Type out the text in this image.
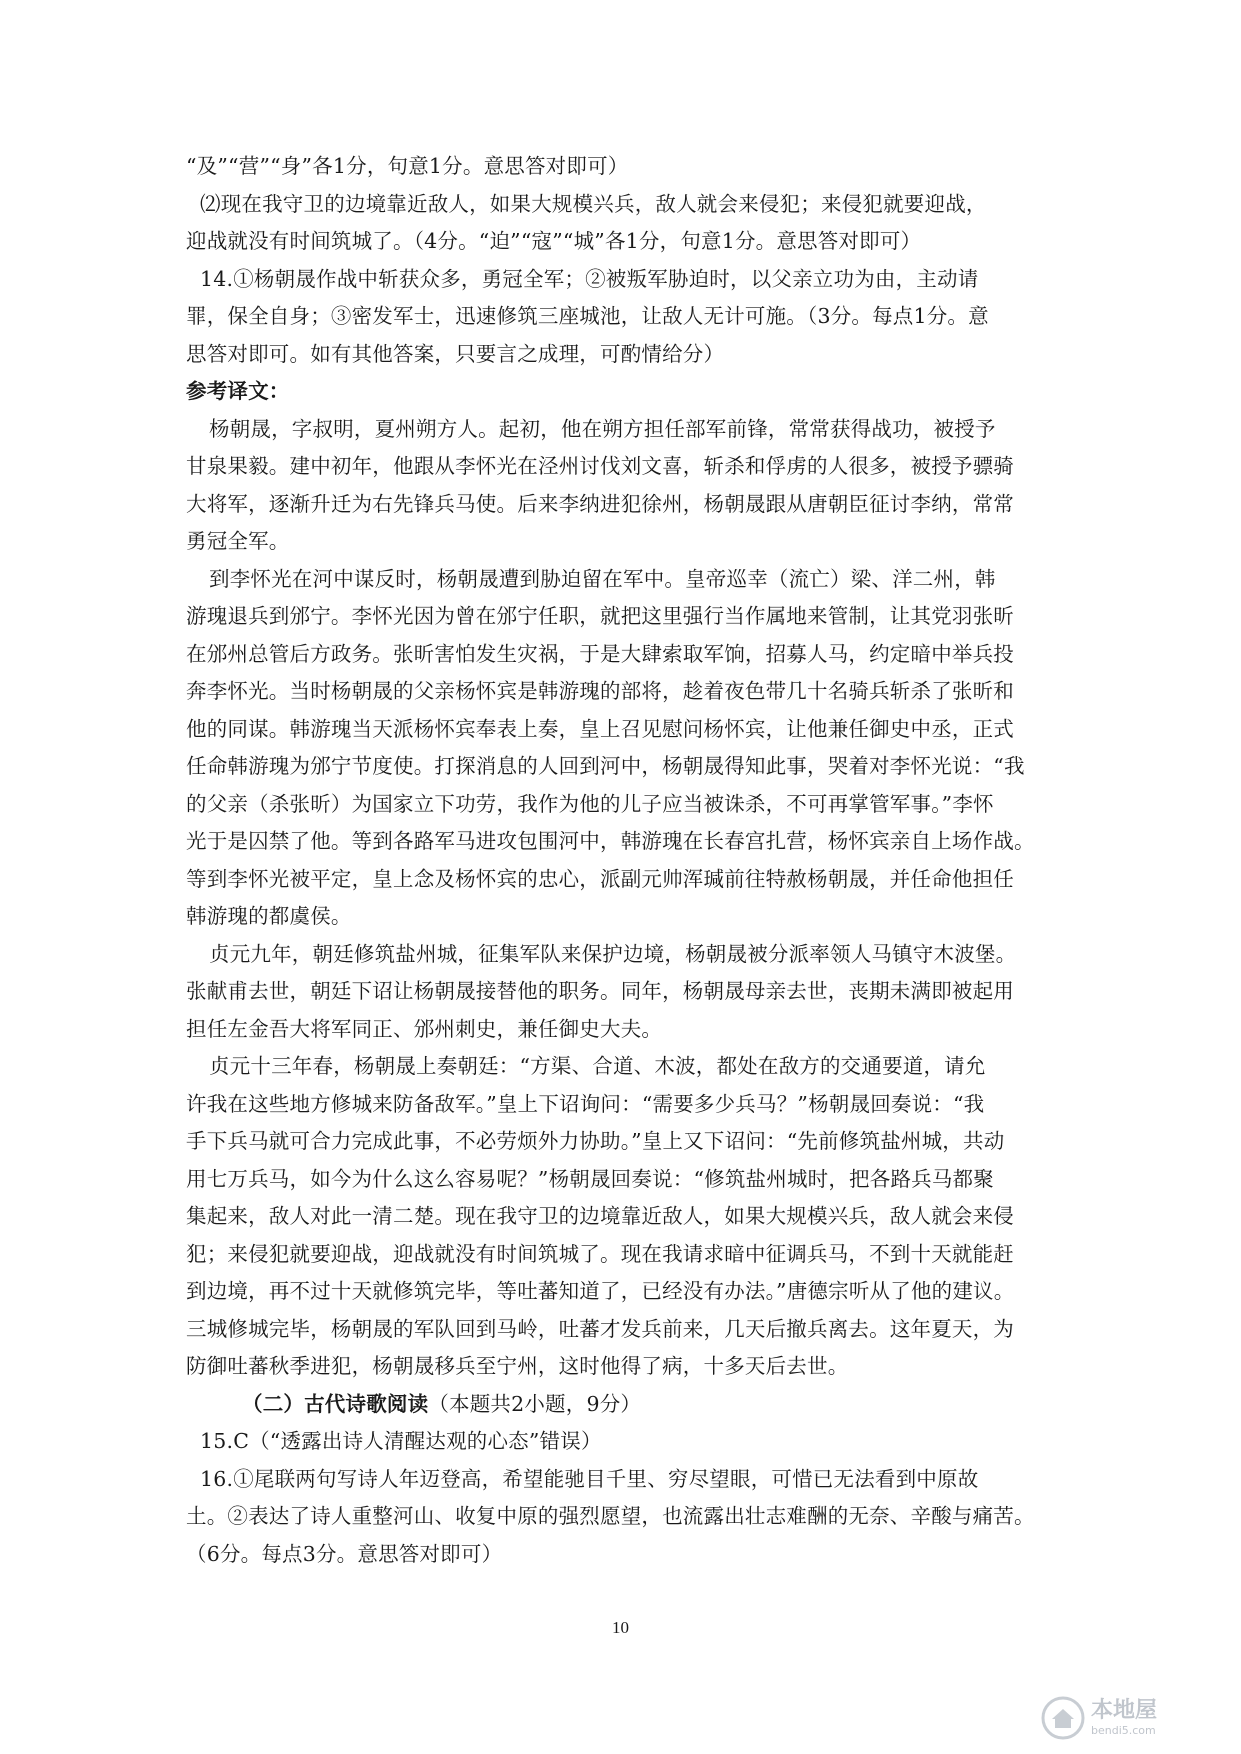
“及”“营”“身”各1分，句意1分。意思答对即可）
⑵现在我守卫的边境靠近敌人，如果大规模兴兵，敌人就会来侵犯；来侵犯就要迎战，
迎战就没有时间筑城了。（4分。“迫”“寇”“城”各1分，句意1分。意思答对即可）
14.①杨朝晟作战中斩获众多，勇冠全军；②被叛军胁迫时，以父亲立功为由，主动请
罪，保全自身；③密发军士，迅速修筑三座城池，让敌人无计可施。（3分。每点1分。意
思答对即可。如有其他答案，只要言之成理，可酌情给分）
参考译文：
杨朝晟，字叔明，夏州朔方人。起初，他在朔方担任部军前锋，常常获得战功，被授予
甘泉果毅。建中初年，他跟从李怀光在泾州讨伐刘文喜，斩杀和俘虏的人很多，被授予骠骑
大将军，逐渐升迁为右先锋兵马使。后来李纳进犯徐州，杨朝晟跟从唐朝臣征讨李纳，常常
勇冠全军。
到李怀光在河中谋反时，杨朝晟遭到胁迫留在军中。皇帝巡幸（流亡）梁、洋二州，韩
游瑰退兵到邠宁。李怀光因为曾在邠宁任职，就把这里强行当作属地来管制，让其党羽张昕
在邠州总管后方政务。张昕害怕发生灾祸，于是大肆索取军饷，招募人马，约定暗中举兵投
奔李怀光。当时杨朝晟的父亲杨怀宾是韩游瑰的部将，趁着夜色带几十名骑兵斩杀了张昕和
他的同谋。韩游瑰当天派杨怀宾奉表上奏，皇上召见慰问杨怀宾，让他兼任御史中丞，正式
任命韩游瑰为邠宁节度使。打探消息的人回到河中，杨朝晟得知此事，哭着对李怀光说：“我
的父亲（杀张昕）为国家立下功劳，我作为他的儿子应当被诛杀，不可再掌管军事。”李怀
光于是囚禁了他。等到各路军马进攻包围河中，韩游瑰在长春宫扎营，杨怀宾亲自上场作战。
等到李怀光被平定，皇上念及杨怀宾的忠心，派副元帅浑瑊前往特赦杨朝晟，并任命他担任
韩游瑰的都虞侯。
贞元九年，朝廷修筑盐州城，征集军队来保护边境，杨朝晟被分派率领人马镇守木波堡。
张献甫去世，朝廷下诏让杨朝晟接替他的职务。同年，杨朝晟母亲去世，丧期未满即被起用
担任左金吾大将军同正、邠州刺史，兼任御史大夫。
贞元十三年春，杨朝晟上奏朝廷：“方渠、合道、木波，都处在敌方的交通要道，请允
许我在这些地方修城来防备敌军。”皇上下诏询问：“需要多少兵马？”杨朝晟回奏说：“我
手下兵马就可合力完成此事，不必劳烦外力协助。”皇上又下诏问：“先前修筑盐州城，共动
用七万兵马，如今为什么这么容易呢？”杨朝晟回奏说：“修筑盐州城时，把各路兵马都聚
集起来，敌人对此一清二楚。现在我守卫的边境靠近敌人，如果大规模兴兵，敌人就会来侵
犯；来侵犯就要迎战，迎战就没有时间筑城了。现在我请求暗中征调兵马，不到十天就能赶
到边境，再不过十天就修筑完毕，等吐蕃知道了，已经没有办法。”唐德宗听从了他的建议。
三城修城完毕，杨朝晟的军队回到马岭，吐蕃才发兵前来，几天后撤兵离去。这年夏天，为
防御吐蕃秋季进犯，杨朝晟移兵至宁州，这时他得了病，十多天后去世。
（二）古代诗歌阅读（本题共2小题，9分）
15.C（“透露出诗人清醒达观的心态”错误）
16.①尾联两句写诗人年迈登高，希望能驰目千里、穷尽望眼，可惜已无法看到中原故
土。②表达了诗人重整河山、收复中原的强烈愿望，也流露出壮志难酬的无奈、辛酸与痛苦。
（6分。每点3分。意思答对即可）
10
本地屋
bendi5.com
